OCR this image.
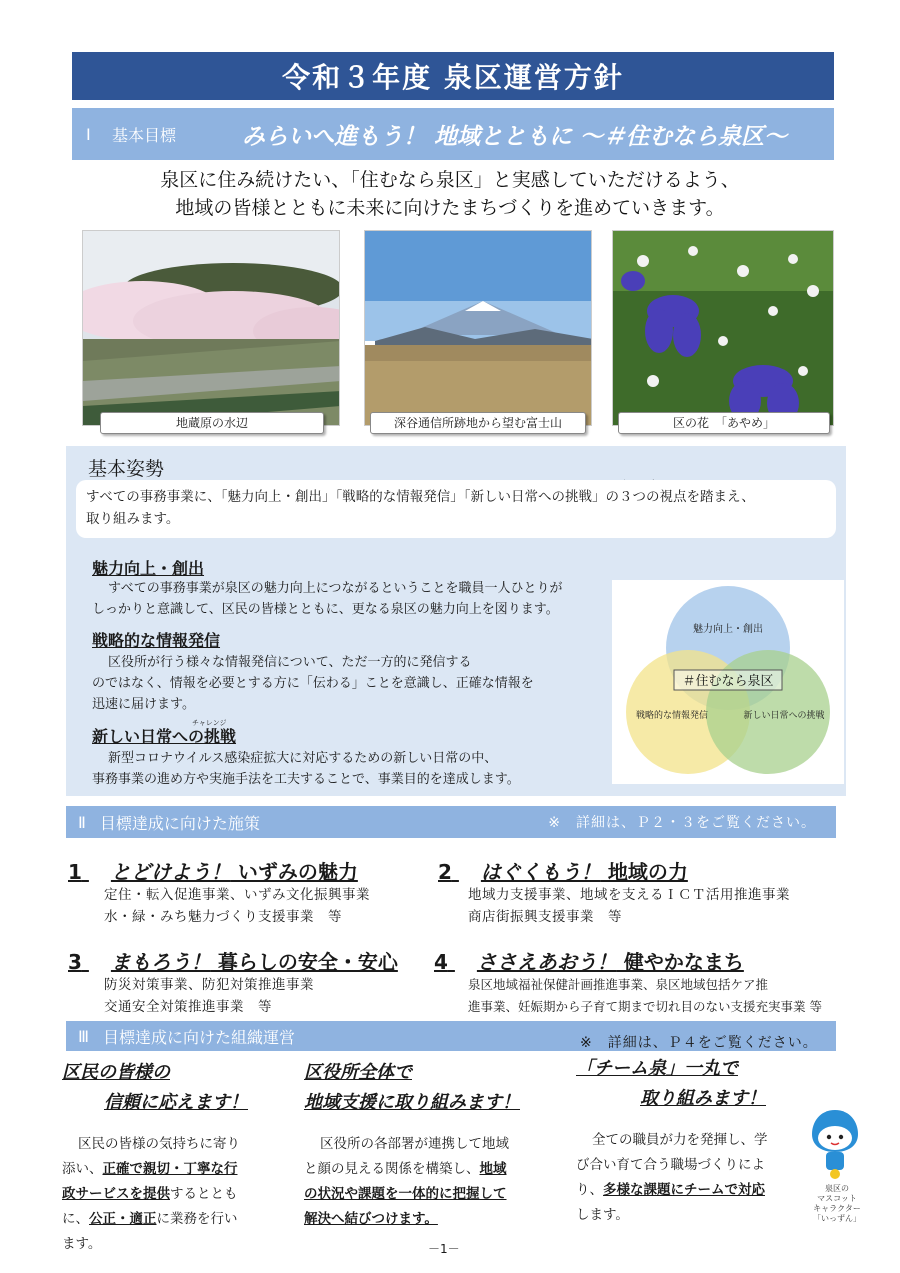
令和３年度 泉区運営方針
Ⅰ	基本目標	みらいへ進もう！ 地域とともに ～＃住むなら泉区～
泉区に住み続けたい、「住むなら泉区」と実感していただけるよう、
地域の皆様とともに未来に向けたまちづくりを進めていきます。
地蔵原の水辺	深谷通信所跡地から望む富士山	区の花　「あやめ」
基本姿勢
すべての事務事業に、「魅力向上・創出」「戦略的な情報発信」「新しい日常への挑戦」の３つの視点を踏まえ、
取り組みます。
魅力向上・創出
すべての事務事業が泉区の魅力向上につながるということを職員一人ひとりが
しっかりと意識して、区民の皆様とともに、更なる泉区の魅力向上を図ります。
戦略的な情報発信
区役所が行う様々な情報発信について、ただ一方的に発信する
のではなく、情報を必要とする方に「伝わる」ことを意識し、正確な情報を
迅速に届けます。
チャレンジ
新しい日常への挑戦
新型コロナウイルス感染症拡大に対応するための新しい日常の中、
事務事業の進め方や実施手法を工夫することで、事業目的を達成します。
魅力向上・創出
＃住むなら泉区
戦略的な情報発信	新しい日常への挑戦
Ⅱ 目標達成に向けた施策	※　詳細は、Ｐ２・３をご覧ください。
1 とどけよう！ いずみの魅力
定住・転入促進事業、いずみ文化振興事業
水・緑・みち魅力づくり支援事業　等
2 はぐくもう！ 地域の力
地域力支援事業、地域を支えるＩＣＴ活用推進事業
商店街振興支援事業　等
3 まもろう！ 暮らしの安全・安心
防災対策事業、防犯対策推進事業
交通安全対策推進事業　等
4 ささえあおう！ 健やかなまち
泉区地域福祉保健計画推進事業、泉区地域包括ケア推
進事業、妊娠期から子育て期まで切れ目のない支援充実事業 等
Ⅲ 目標達成に向けた組織運営	※　詳細は、Ｐ４をご覧ください。
区民の皆様の
信頼に応えます！
区民の皆様の気持ちに寄り
添い、正確で親切・丁寧な行
政サービスを提供するととも
に、公正・適正に業務を行い
ます。
区役所全体で
地域支援に取り組みます！
区役所の各部署が連携して地域
と顔の見える関係を構築し、地域
の状況や課題を一体的に把握して
解決へ結びつけます。
「チーム泉」一丸で
取り組みます！
全ての職員が力を発揮し、学
び合い育て合う職場づくりによ
り、多様な課題にチームで対応
します。
泉区の
マスコット
キャラクター
「いっずん」
－1－
